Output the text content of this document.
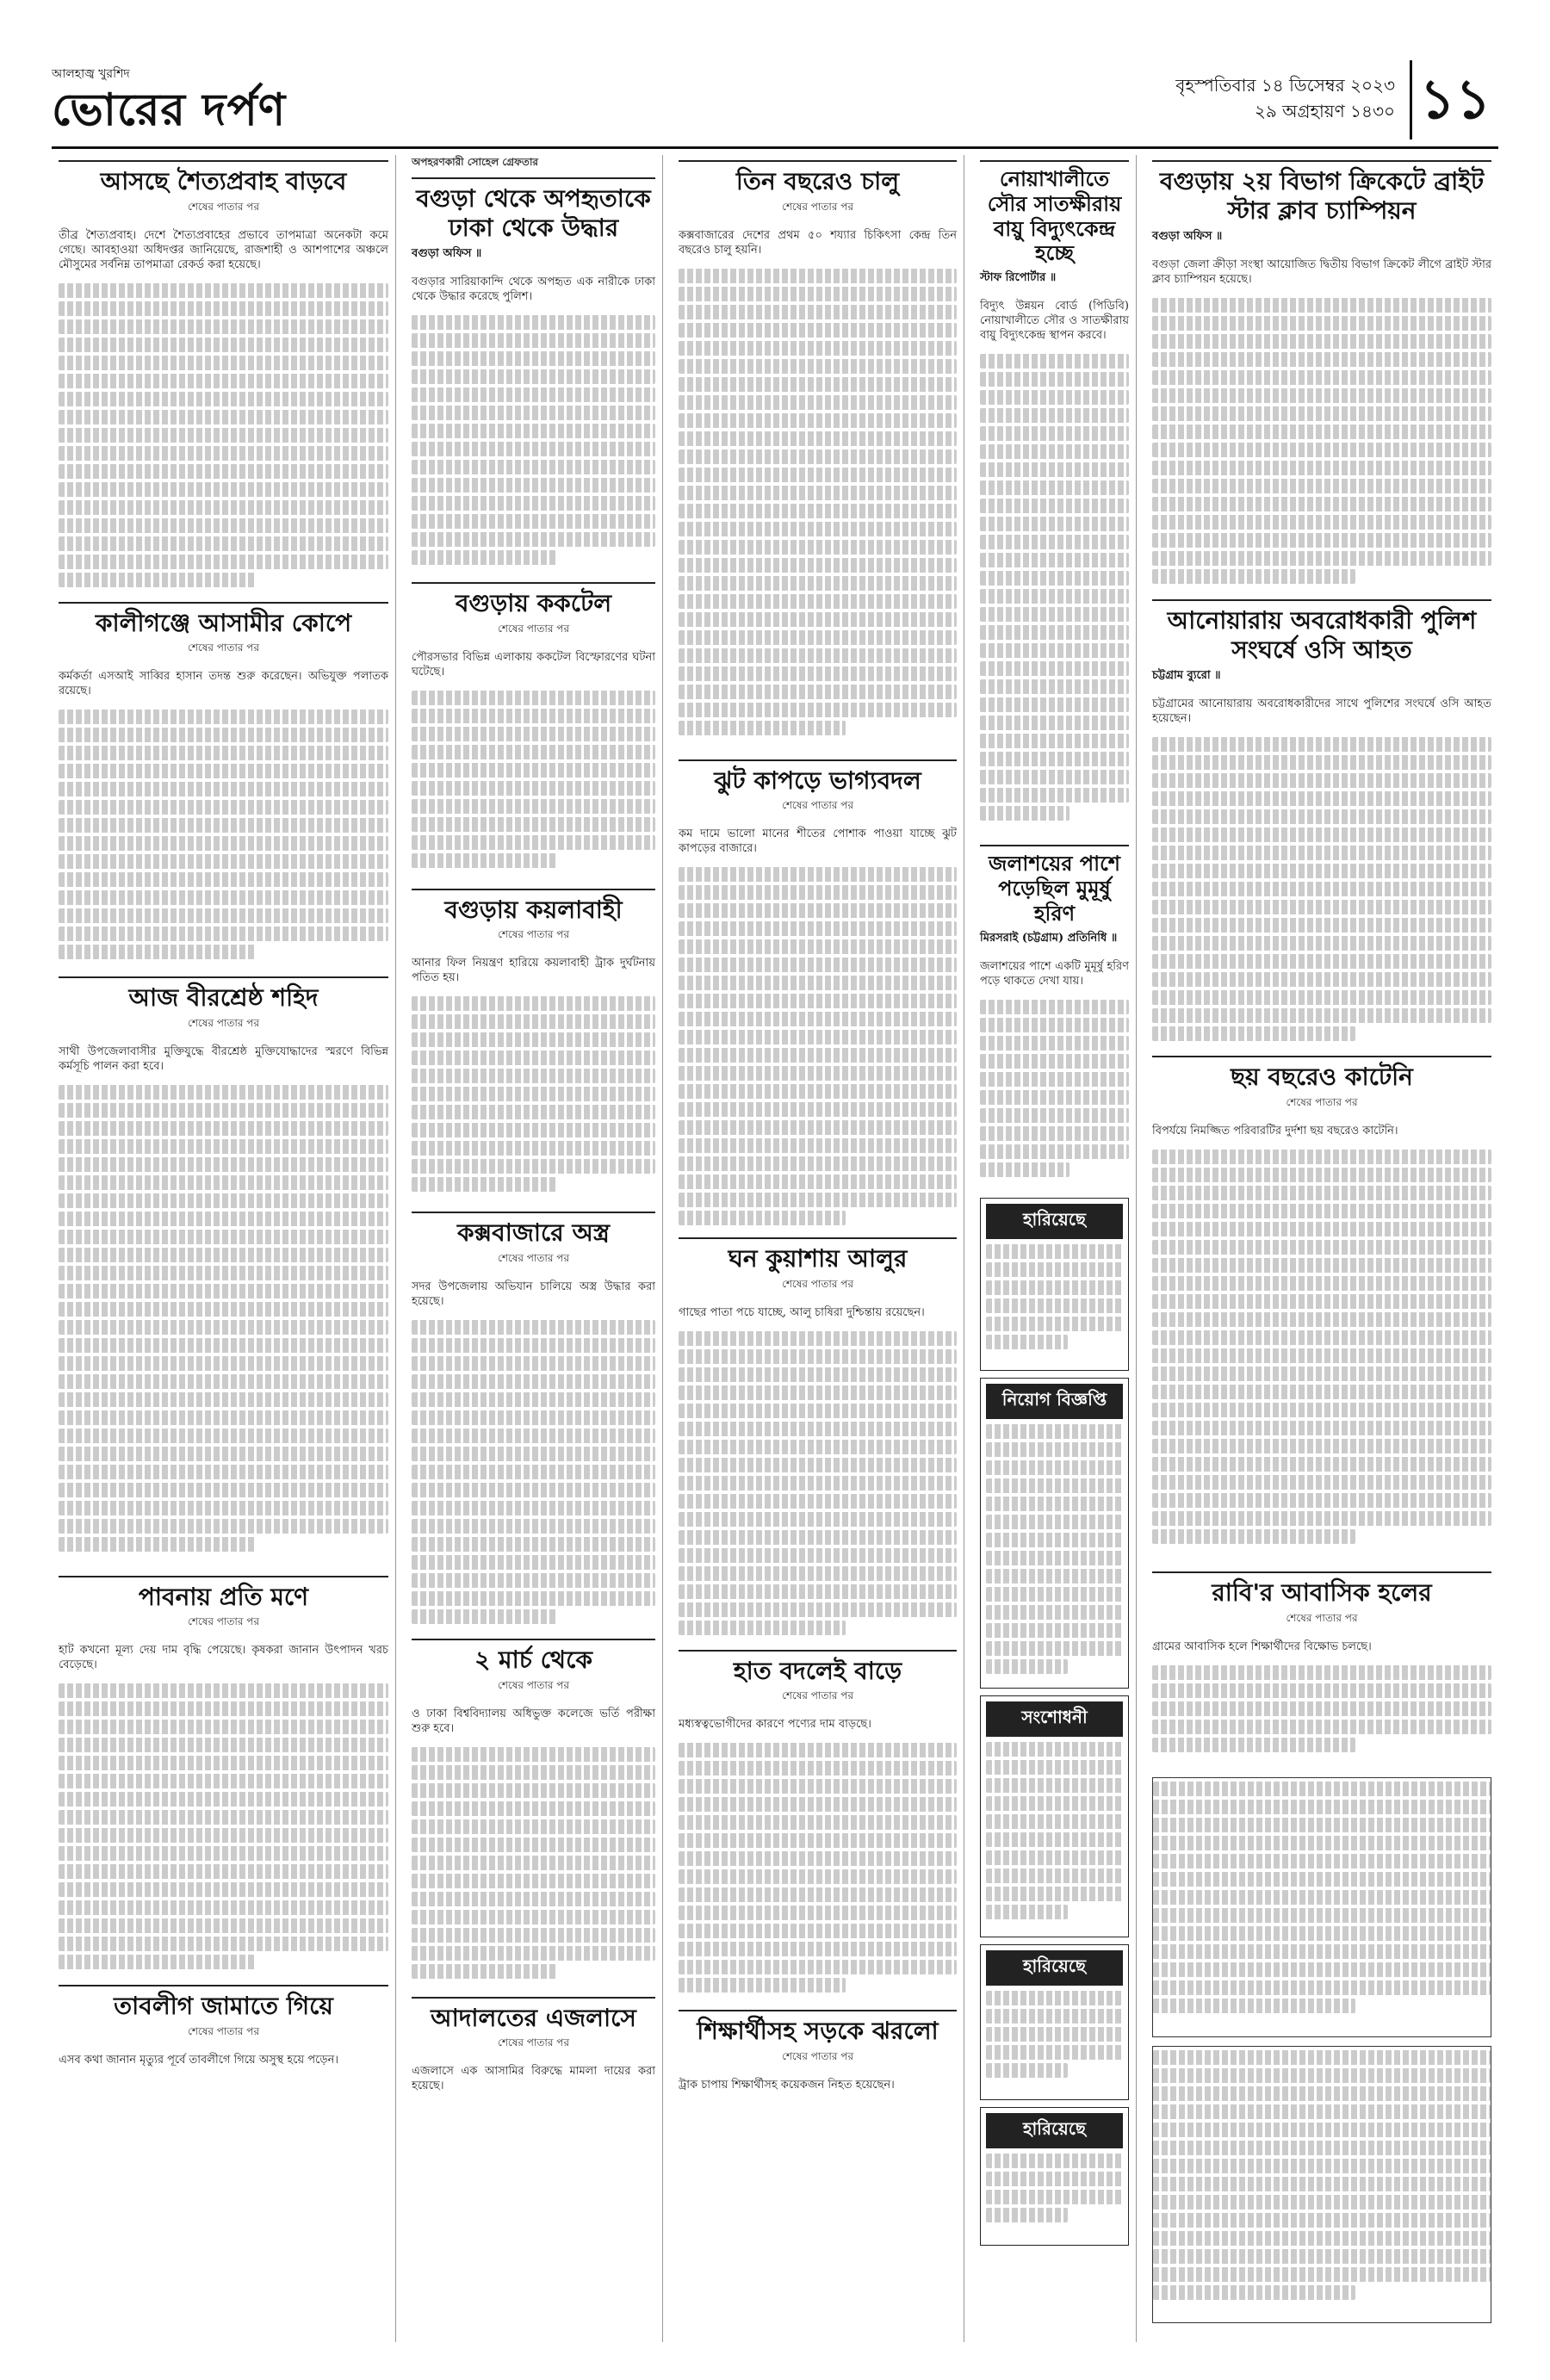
আলহাজ্ব খুরশিদ
ভোরের দর্পণ	বৃহস্পতিবার ১৪ ডিসেম্বর ২০২৩
২৯ অগ্রহায়ণ ১৪৩০ ১১
আসছে শৈত্যপ্রবাহ বাড়বে
শেষের পাতার পর

তীব্র শৈত্যপ্রবাহ। দেশে শৈত্যপ্রবাহের প্রভাবে তাপমাত্রা অনেকটা কমে গেছে। আবহাওয়া অধিদপ্তর জানিয়েছে, রাজশাহী ও আশপাশের অঞ্চলে মৌসুমের সর্বনিম্ন তাপমাত্রা রেকর্ড করা হয়েছে।

কালীগঞ্জে আসামীর কোপে
শেষের পাতার পর

কর্মকর্তা এসআই সাব্বির হাসান তদন্ত শুরু করেছেন। অভিযুক্ত পলাতক রয়েছে।

আজ বীরশ্রেষ্ঠ শহিদ
শেষের পাতার পর

সাথী উপজেলাবাসীর মুক্তিযুদ্ধে বীরশ্রেষ্ঠ মুক্তিযোদ্ধাদের স্মরণে বিভিন্ন কর্মসূচি পালন করা হবে।

পাবনায় প্রতি মণে
শেষের পাতার পর

হাট কখনো মূল্য দেয় দাম বৃদ্ধি পেয়েছে। কৃষকরা জানান উৎপাদন খরচ বেড়েছে।

তাবলীগ জামাতে গিয়ে
শেষের পাতার পর

এসব কথা জানান মৃত্যুর পূর্বে তাবলীগে গিয়ে অসুস্থ হয়ে পড়েন।

অপহরণকারী সোহেল গ্রেফতার
বগুড়া থেকে অপহৃতাকে ঢাকা থেকে উদ্ধার
বগুড়া অফিস ॥

বগুড়ার সারিয়াকান্দি থেকে অপহৃত এক নারীকে ঢাকা থেকে উদ্ধার করেছে পুলিশ।

বগুড়ায় ককটেল
শেষের পাতার পর

পৌরসভার বিভিন্ন এলাকায় ককটেল বিস্ফোরণের ঘটনা ঘটেছে।

বগুড়ায় কয়লাবাহী
শেষের পাতার পর

আনার ফিল নিয়ন্ত্রণ হারিয়ে কয়লাবাহী ট্রাক দুর্ঘটনায় পতিত হয়।

কক্সবাজারে অস্ত্র
শেষের পাতার পর

সদর উপজেলায় অভিযান চালিয়ে অস্ত্র উদ্ধার করা হয়েছে।

২ মার্চ থেকে
শেষের পাতার পর

ও ঢাকা বিশ্ববিদ্যালয় অধিভুক্ত কলেজে ভর্তি পরীক্ষা শুরু হবে।

আদালতের এজলাসে
শেষের পাতার পর

এজলাসে এক আসামির বিরুদ্ধে মামলা দায়ের করা হয়েছে।

তিন বছরেও চালু
শেষের পাতার পর

কক্সবাজারের দেশের প্রথম ৫০ শয্যার চিকিৎসা কেন্দ্র তিন বছরেও চালু হয়নি।

ঝুট কাপড়ে ভাগ্যবদল
শেষের পাতার পর

কম দামে ভালো মানের শীতের পোশাক পাওয়া যাচ্ছে ঝুট কাপড়ের বাজারে।

ঘন কুয়াশায় আলুর
শেষের পাতার পর

গাছের পাতা পচে যাচ্ছে, আলু চাষিরা দুশ্চিন্তায় রয়েছেন।

হাত বদলেই বাড়ে
শেষের পাতার পর

মধ্যস্বত্বভোগীদের কারণে পণ্যের দাম বাড়ছে।

শিক্ষার্থীসহ সড়কে ঝরলো
শেষের পাতার পর

ট্রাক চাপায় শিক্ষার্থীসহ কয়েকজন নিহত হয়েছেন।

নোয়াখালীতে সৌর সাতক্ষীরায় বায়ু বিদ্যুৎকেন্দ্র হচ্ছে
স্টাফ রিপোর্টার ॥

বিদ্যুৎ উন্নয়ন বোর্ড (পিডিবি) নোয়াখালীতে সৌর ও সাতক্ষীরায় বায়ু বিদ্যুৎকেন্দ্র স্থাপন করবে।

জলাশয়ের পাশে পড়েছিল মুমূর্ষু হরিণ
মিরসরাই (চট্টগ্রাম) প্রতিনিধি ॥

জলাশয়ের পাশে একটি মুমূর্ষু হরিণ পড়ে থাকতে দেখা যায়।

হারিয়েছে
নিয়োগ বিজ্ঞপ্তি
সংশোধনী
হারিয়েছে
হারিয়েছে
বগুড়ায় ২য় বিভাগ ক্রিকেটে ব্রাইট স্টার ক্লাব চ্যাম্পিয়ন
বগুড়া অফিস ॥

বগুড়া জেলা ক্রীড়া সংস্থা আয়োজিত দ্বিতীয় বিভাগ ক্রিকেট লীগে ব্রাইট স্টার ক্লাব চ্যাম্পিয়ন হয়েছে।

আনোয়ারায় অবরোধকারী পুলিশ সংঘর্ষে ওসি আহত
চট্টগ্রাম ব্যুরো ॥

চট্টগ্রামের আনোয়ারায় অবরোধকারীদের সাথে পুলিশের সংঘর্ষে ওসি আহত হয়েছেন।

ছয় বছরেও কাটেনি
শেষের পাতার পর

বিপর্যয়ে নিমজ্জিত পরিবারটির দুর্দশা ছয় বছরেও কাটেনি।

রাবি'র আবাসিক হলের
শেষের পাতার পর

গ্রামের আবাসিক হলে শিক্ষার্থীদের বিক্ষোভ চলছে।
